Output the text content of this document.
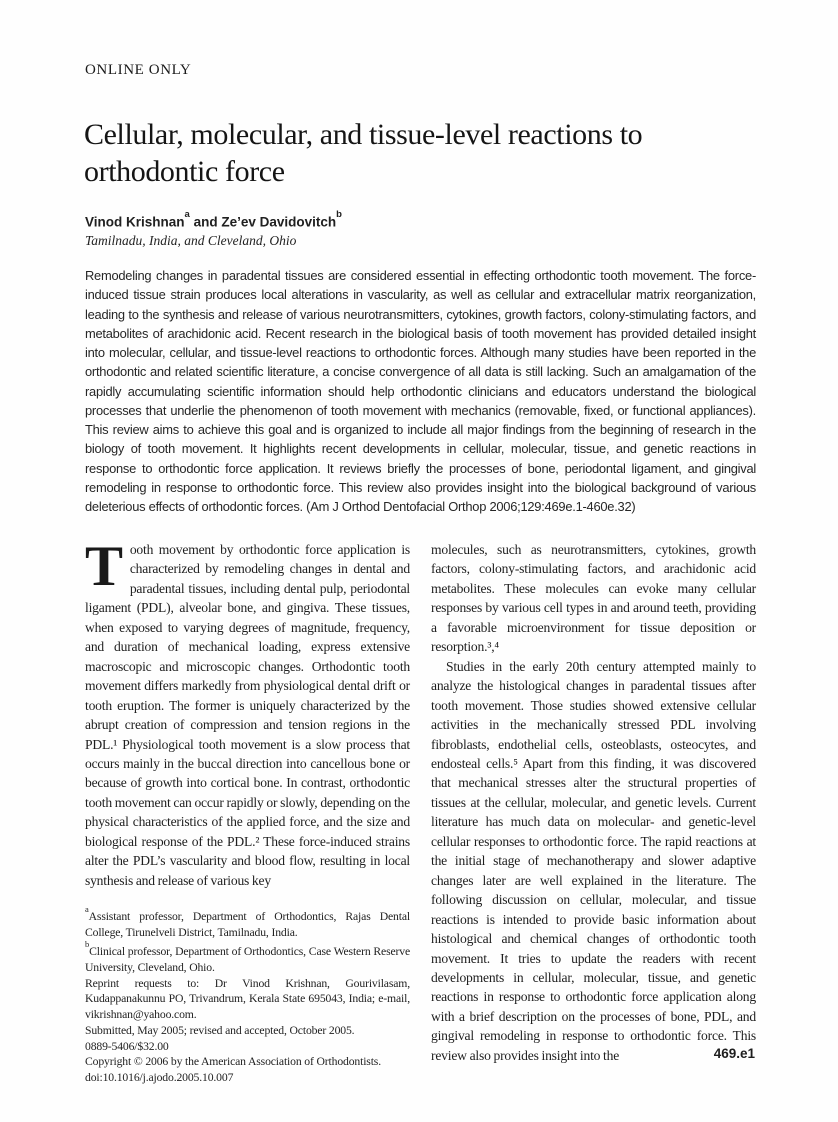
ONLINE ONLY
Cellular, molecular, and tissue-level reactions to orthodontic force
Vinod Krishnan$^a$ and Ze’ev Davidovitch$^b$
Tamilnadu, India, and Cleveland, Ohio

Remodeling changes in paradental tissues are considered essential in effecting orthodontic tooth movement. The force-induced tissue strain produces local alterations in vascularity, as well as cellular and extracellular matrix reorganization, leading to the synthesis and release of various neurotransmitters, cytokines, growth factors, colony-stimulating factors, and metabolites of arachidonic acid. Recent research in the biological basis of tooth movement has provided detailed insight into molecular, cellular, and tissue-level reactions to orthodontic forces. Although many studies have been reported in the orthodontic and related scientific literature, a concise convergence of all data is still lacking. Such an amalgamation of the rapidly accumulating scientific information should help orthodontic clinicians and educators understand the biological processes that underlie the phenomenon of tooth movement with mechanics (removable, fixed, or functional appliances). This review aims to achieve this goal and is organized to include all major findings from the beginning of research in the biology of tooth movement. It highlights recent developments in cellular, molecular, tissue, and genetic reactions in response to orthodontic force application. It reviews briefly the processes of bone, periodontal ligament, and gingival remodeling in response to orthodontic force. This review also provides insight into the biological background of various deleterious effects of orthodontic forces. (Am J Orthod Dentofacial Orthop 2006;129:469e.1-460e.32)

Tooth movement by orthodontic force application is characterized by remodeling changes in dental and paradental tissues, including dental pulp, periodontal ligament (PDL), alveolar bone, and gingiva. These tissues, when exposed to varying degrees of magnitude, frequency, and duration of mechanical loading, express extensive macroscopic and microscopic changes. Orthodontic tooth movement differs markedly from physiological dental drift or tooth eruption. The former is uniquely characterized by the abrupt creation of compression and tension regions in the PDL.¹ Physiological tooth movement is a slow process that occurs mainly in the buccal direction into cancellous bone or because of growth into cortical bone. In contrast, orthodontic tooth movement can occur rapidly or slowly, depending on the physical characteristics of the applied force, and the size and biological response of the PDL.² These force-induced strains alter the PDL’s vascularity and blood flow, resulting in local synthesis and release of various key

$^a$Assistant professor, Department of Orthodontics, Rajas Dental College, Tirunelveli District, Tamilnadu, India.

$^b$Clinical professor, Department of Orthodontics, Case Western Reserve University, Cleveland, Ohio.

Reprint requests to: Dr Vinod Krishnan, Gourivilasam, Kudappanakunnu PO, Trivandrum, Kerala State 695043, India; e-mail, vikrishnan@yahoo.com.

Submitted, May 2005; revised and accepted, October 2005.

0889-5406/$32.00

Copyright © 2006 by the American Association of Orthodontists.

doi:10.1016/j.ajodo.2005.10.007

molecules, such as neurotransmitters, cytokines, growth factors, colony-stimulating factors, and arachidonic acid metabolites. These molecules can evoke many cellular responses by various cell types in and around teeth, providing a favorable microenvironment for tissue deposition or resorption.³,⁴

Studies in the early 20th century attempted mainly to analyze the histological changes in paradental tissues after tooth movement. Those studies showed extensive cellular activities in the mechanically stressed PDL involving fibroblasts, endothelial cells, osteoblasts, osteocytes, and endosteal cells.⁵ Apart from this finding, it was discovered that mechanical stresses alter the structural properties of tissues at the cellular, molecular, and genetic levels. Current literature has much data on molecular- and genetic-level cellular responses to orthodontic force. The rapid reactions at the initial stage of mechanotherapy and slower adaptive changes later are well explained in the literature. The following discussion on cellular, molecular, and tissue reactions is intended to provide basic information about histological and chemical changes of orthodontic tooth movement. It tries to update the readers with recent developments in cellular, molecular, tissue, and genetic reactions in response to orthodontic force application along with a brief description on the processes of bone, PDL, and gingival remodeling in response to orthodontic force. This review also provides insight into the	469.e1
